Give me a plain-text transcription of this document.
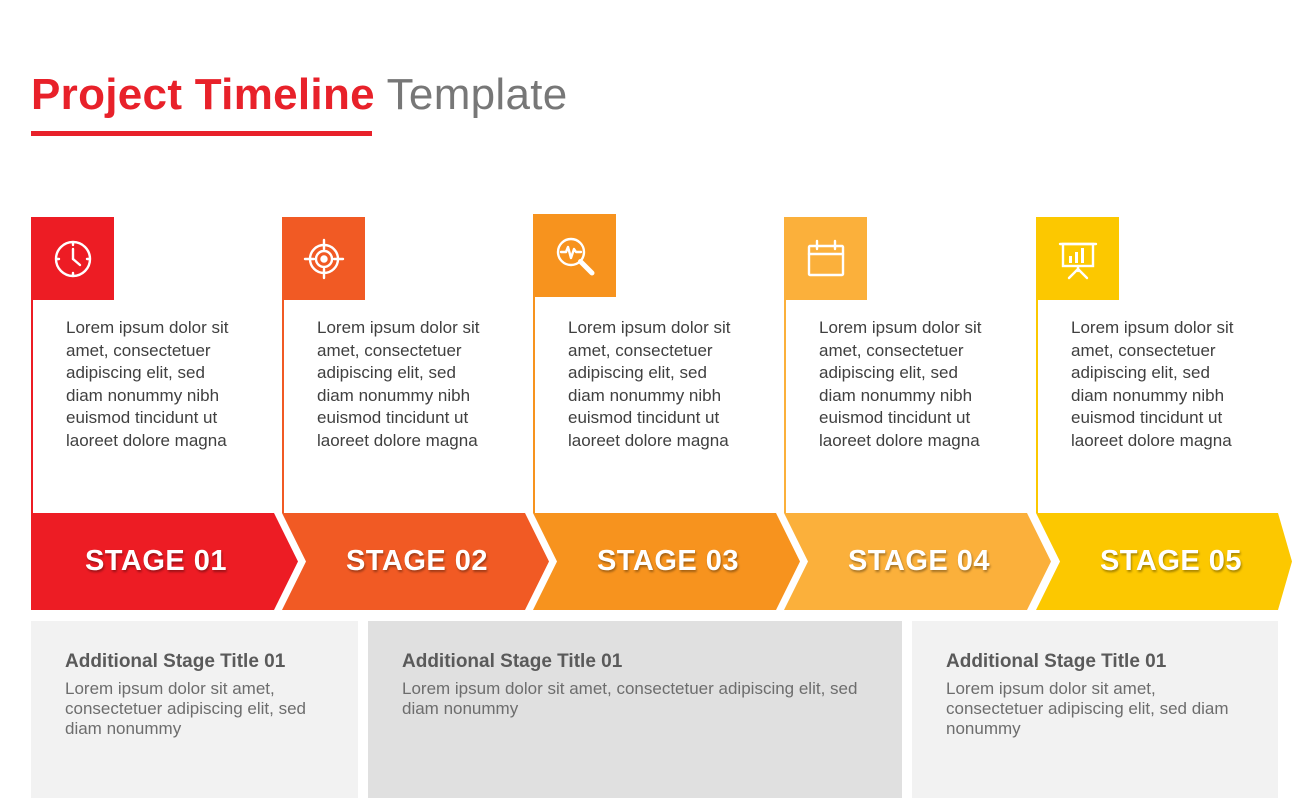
Project Timeline Template
Lorem ipsum dolor sit amet, consectetuer adipiscing elit, sed diam nonummy nibh euismod tincidunt ut laoreet dolore magna
Lorem ipsum dolor sit amet, consectetuer adipiscing elit, sed diam nonummy nibh euismod tincidunt ut laoreet dolore magna
Lorem ipsum dolor sit amet, consectetuer adipiscing elit, sed diam nonummy nibh euismod tincidunt ut laoreet dolore magna
Lorem ipsum dolor sit amet, consectetuer adipiscing elit, sed diam nonummy nibh euismod tincidunt ut laoreet dolore magna
Lorem ipsum dolor sit amet, consectetuer adipiscing elit, sed diam nonummy nibh euismod tincidunt ut laoreet dolore magna
STAGE 01	STAGE 02	STAGE 03	STAGE 04	STAGE 05
Additional Stage Title 01
Lorem ipsum dolor sit amet, consectetuer adipiscing elit, sed diam nonummy
Additional Stage Title 01
Lorem ipsum dolor sit amet, consectetuer adipiscing elit, sed diam nonummy
Additional Stage Title 01
Lorem ipsum dolor sit amet, consectetuer adipiscing elit, sed diam nonummy
